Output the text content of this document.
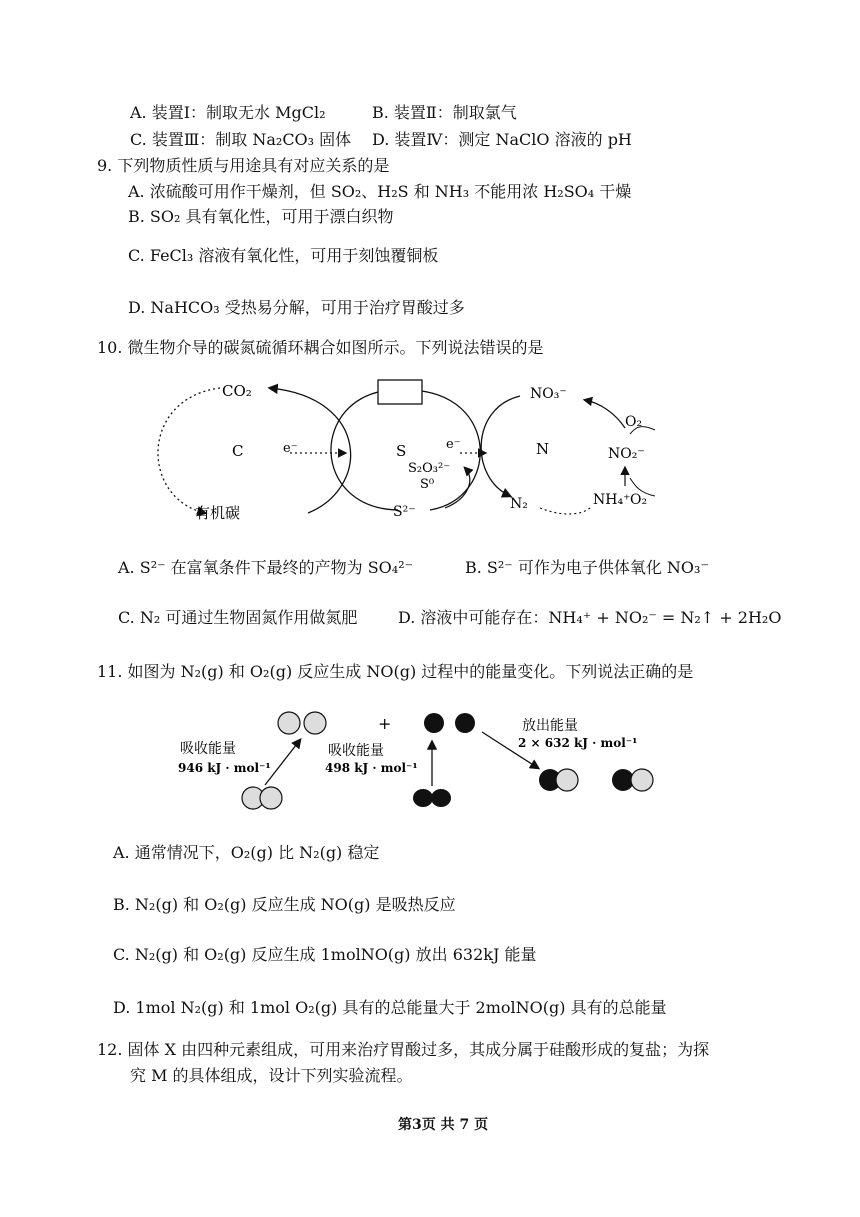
A. 装置Ⅰ：制取无水 MgCl₂	B. 装置Ⅱ：制取氯气
C. 装置Ⅲ：制取 Na₂CO₃ 固体 D. 装置Ⅳ：测定 NaClO 溶液的 pH
9. 下列物质性质与用途具有对应关系的是
A. 浓硫酸可用作干燥剂，但 SO₂、H₂S 和 NH₃ 不能用浓 H₂SO₄ 干燥
B. SO₂ 具有氧化性，可用于漂白织物
C. FeCl₃ 溶液有氧化性，可用于刻蚀覆铜板
D. NaHCO₃ 受热易分解，可用于治疗胃酸过多
10. 微生物介导的碳氮硫循环耦合如图所示。下列说法错误的是
CO₂
C	e⁻
有机碳
S	e⁻
S₂O₃²⁻
S⁰
S²⁻
NO₃⁻
O₂
N	NO₂⁻
NH₄⁺ O₂
N₂
A. S²⁻ 在富氧条件下最终的产物为 SO₄²⁻	B. S²⁻ 可作为电子供体氧化 NO₃⁻
C. N₂ 可通过生物固氮作用做氮肥	D. 溶液中可能存在：NH₄⁺ + NO₂⁻ = N₂↑ + 2H₂O
11. 如图为 N₂(g) 和 O₂(g) 反应生成 NO(g) 过程中的能量变化。下列说法正确的是
+
吸收能量
946 kJ · mol⁻¹
吸收能量
498 kJ · mol⁻¹
放出能量
2 × 632 kJ · mol⁻¹
A. 通常情况下，O₂(g) 比 N₂(g) 稳定
B. N₂(g) 和 O₂(g) 反应生成 NO(g) 是吸热反应
C. N₂(g) 和 O₂(g) 反应生成 1molNO(g) 放出 632kJ 能量
D. 1mol N₂(g) 和 1mol O₂(g) 具有的总能量大于 2molNO(g) 具有的总能量
12. 固体 X 由四种元素组成，可用来治疗胃酸过多，其成分属于硅酸形成的复盐；为探
究 M 的具体组成，设计下列实验流程。
第3页 共 7 页
